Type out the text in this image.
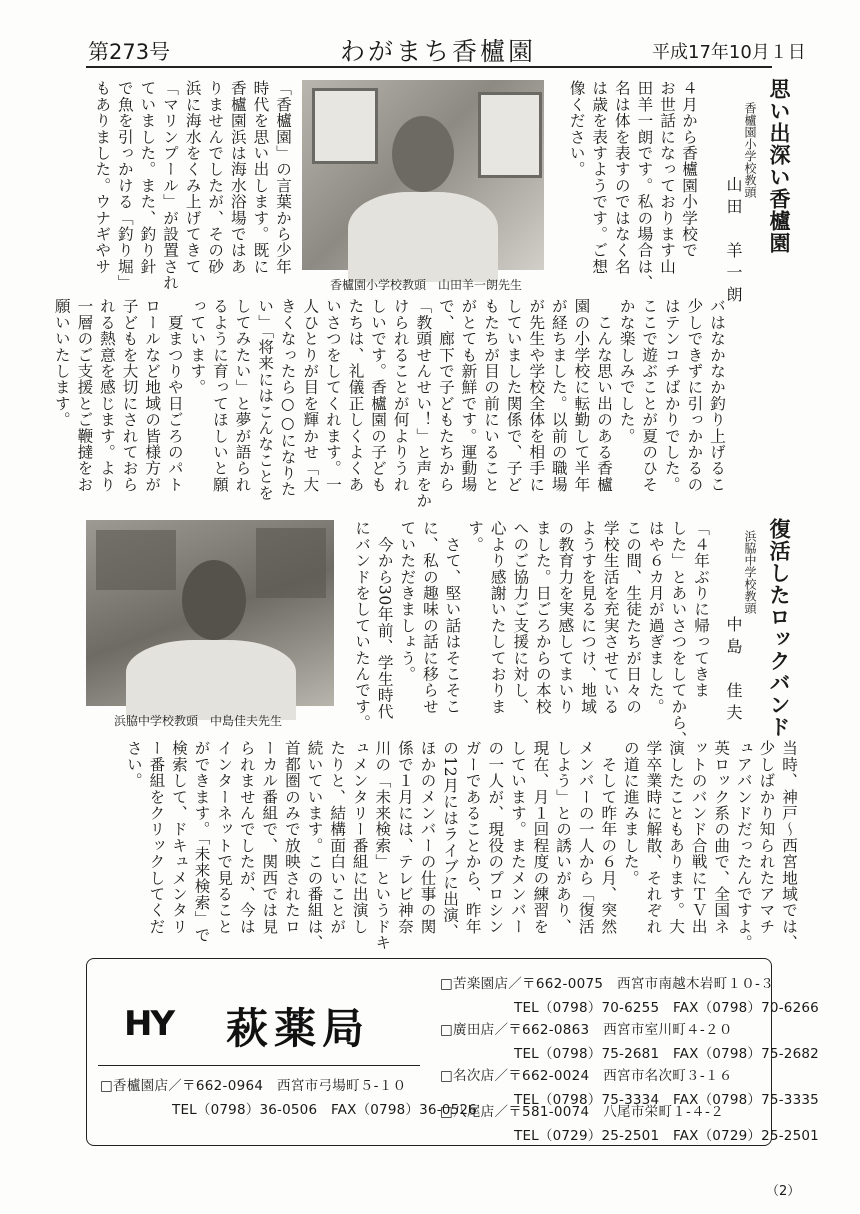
第273号	わがまち香櫨園	平成17年10月１日
思い出深い香櫨園
香櫨園小学校教頭
山田　羊一朗
４月から香櫨園小学校で
お世話になっております山
田羊一朗です。私の場合は、
名は体を表すのではなく名
は歳を表すようです。ご想
像ください。
香櫨園小学校教頭　山田羊一朗先生
「香櫨園」の言葉から少年
時代を思い出します。既に
香櫨園浜は海水浴場ではあ
りませんでしたが、その砂
浜に海水をくみ上げてきて
「マリンプール」が設置され
ていました。また、釣り針
で魚を引っかける「釣り堀」
もありました。ウナギやサ
バはなかなか釣り上げるこ
少しできずに引っかかるの
はテンコチばかりでした。
ここで遊ぶことが夏のひそ
かな楽しみでした。
　こんな思い出のある香櫨
園の小学校に転勤して半年
が経ちました。以前の職場
が先生や学校全体を相手に
していました関係で、子ど
もたちが目の前にいること
がとても新鮮です。運動場
で、廊下で子どもたちから
「教頭せんせい！」と声をか
けられることが何よりうれ
しいです。香櫨園の子ども
たちは、礼儀正しくよくあ
いさつをしてくれます。一
人ひとりが目を輝かせ「大
きくなったら○○になりた
い」「将来にはこんなことを
してみたい」と夢が語られ
るように育ってほしいと願
っています。
　夏まつりや日ごろのパト
ロールなど地域の皆様方が
子どもを大切にされておら
れる熱意を感じます。より
一層のご支援とご鞭撻をお
願いいたします。
復活したロックバンド
浜脇中学校教頭
中島　佳夫
「４年ぶりに帰ってきま
した」とあいさつをしてから、
はや６カ月が過ぎました。
この間、生徒たちが日々の
学校生活を充実させている
ようすを見るにつけ、地域
の教育力を実感してまいり
ました。日ごろからの本校
へのご協力ご支援に対し、
心より感謝いたしておりま
す。
　さて、堅い話はそこそこ
に、私の趣味の話に移らせ
ていただきましょう。
　今から30年前、学生時代
にバンドをしていたんです。
浜脇中学校教頭　中島佳夫先生
当時、神戸～西宮地域では、
少しばかり知られたアマチ
ュアバンドだったんですよ。
英ロック系の曲で、全国ネ
ットのバンド合戦にＴＶ出
演したこともあります。大
学卒業時に解散、それぞれ
の道に進みました。
　そして昨年の６月、突然
メンバーの一人から「復活
しよう」との誘いがあり、
現在、月１回程度の練習を
しています。またメンバー
の一人が、現役のプロシン
ガーであることから、昨年
の12月にはライブに出演、
ほかのメンバーの仕事の関
係で１月には、テレビ神奈
川の「未来検索」というドキ
ュメンタリー番組に出演し
たりと、結構面白いことが
続いています。この番組は、
首都圏のみで放映されたロ
ーカル番組で、関西では見
られませんでしたが、今は
インターネットで見ること
ができます。「未来検索」で
検索して、ドキュメンタリ
ー番組をクリックしてくだ
さい。
HY 萩薬局
□香櫨園店／〒662-0964　西宮市弓場町５-１０
TEL（0798）36-0506　FAX（0798）36-0526
□苦楽園店／〒662-0075　西宮市南越木岩町１０-３
TEL（0798）70-6255　FAX（0798）70-6266
□廣田店／〒662-0863　西宮市室川町４-２０
TEL（0798）75-2681　FAX（0798）75-2682
□名次店／〒662-0024　西宮市名次町３-１６
TEL（0798）75-3334　FAX（0798）75-3335
□八尾店／〒581-0074　八尾市栄町１-４-２
TEL（0729）25-2501　FAX（0729）25-2501
（2）
